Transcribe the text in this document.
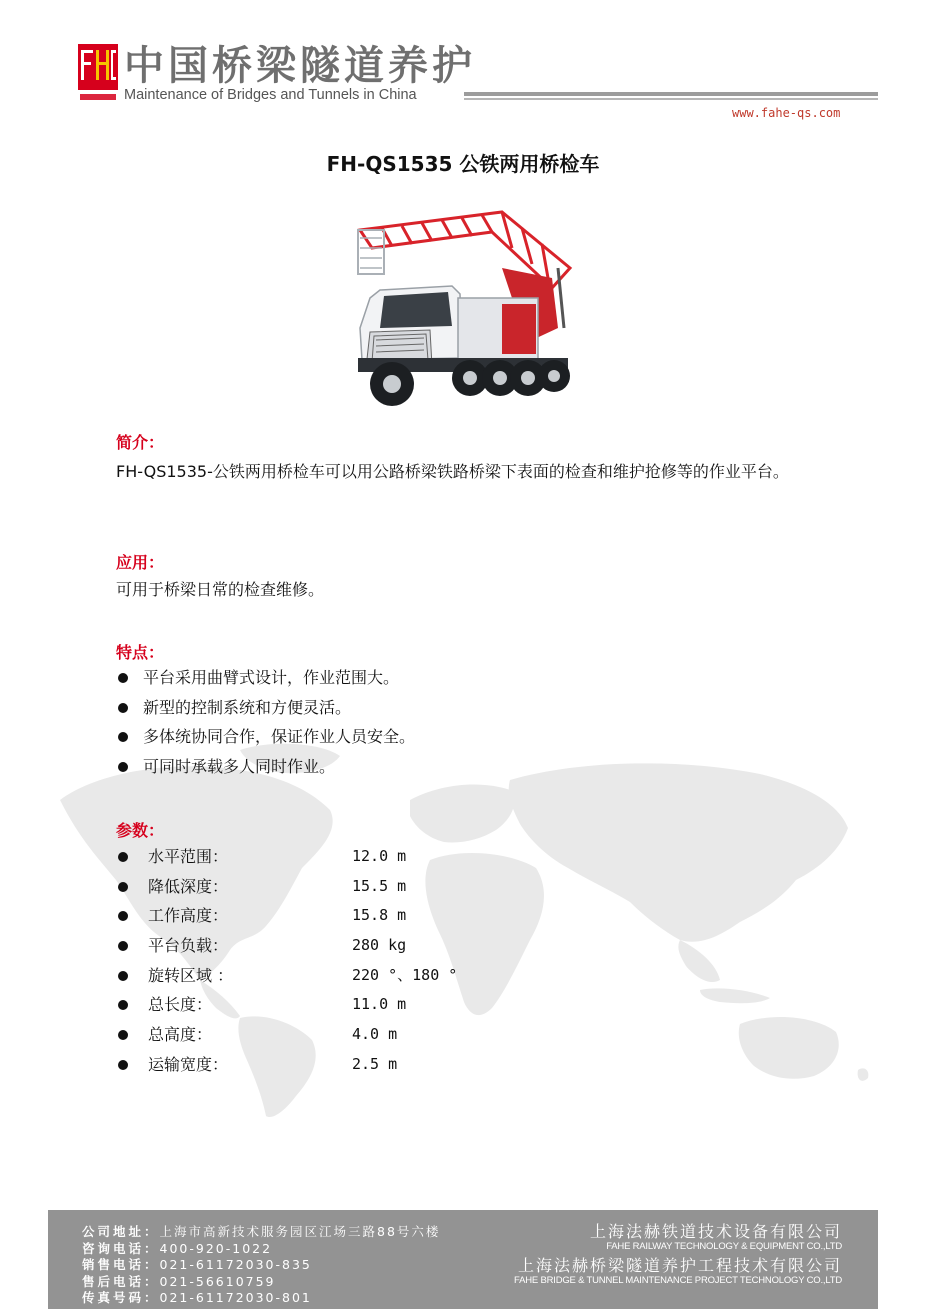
中国桥梁隧道养护
Maintenance of Bridges and Tunnels in China
www.fahe-qs.com
FH-QS1535 公铁两用桥检车
简介：
FH-QS1535-公铁两用桥检车可以用公路桥梁铁路桥梁下表面的检查和维护抢修等的作业平台。
应用：
可用于桥梁日常的检查维修。
特点：
平台采用曲臂式设计，作业范围大。
新型的控制系统和方便灵活。
多体统协同合作，保证作业人员安全。
可同时承载多人同时作业。
参数：
水平范围：	12.0 m
降低深度：	15.5 m
工作高度：	15.8 m
平台负载：	280 kg
旋转区域 ：	220 °、180 °
总长度：	11.0 m
总高度：	4.0 m
运输宽度：	2.5 m
公司地址：上海市高新技术服务园区江场三路88号六楼
咨询电话：400-920-1022
销售电话：021-61172030-835
售后电话：021-56610759
传真号码：021-61172030-801
上海法赫铁道技术设备有限公司
FAHE RAILWAY TECHNOLOGY & EQUIPMENT CO.,LTD
上海法赫桥梁隧道养护工程技术有限公司
FAHE BRIDGE & TUNNEL MAINTENANCE PROJECT TECHNOLOGY CO.,LTD
